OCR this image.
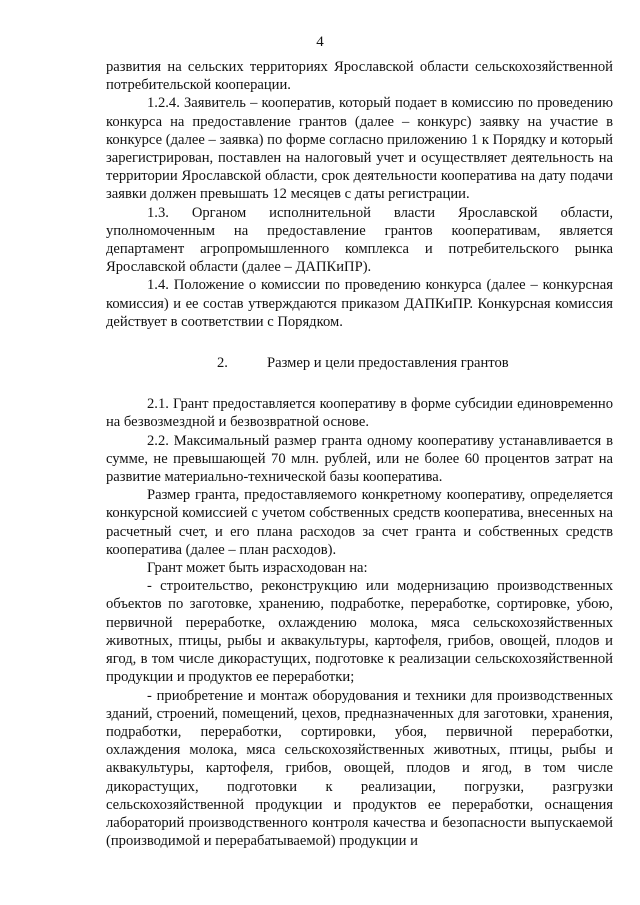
4

развития на сельских территориях Ярославской области сельскохозяйственной потребительской кооперации.

1.2.4. Заявитель – кооператив, который подает в комиссию по проведению конкурса на предоставление грантов (далее – конкурс) заявку на участие в конкурсе (далее – заявка) по форме согласно приложению 1 к Порядку и который зарегистрирован, поставлен на налоговый учет и осуществляет деятельность на территории Ярославской области, срок деятельности кооператива на дату подачи заявки должен превышать 12 месяцев с даты регистрации.

1.3. Органом исполнительной власти Ярославской области, уполномоченным на предоставление грантов кооперативам, является департамент агропромышленного комплекса и потребительского рынка Ярославской области (далее – ДАПКиПР).

1.4. Положение о комиссии по проведению конкурса (далее – конкурсная комиссия) и ее состав утверждаются приказом ДАПКиПР. Конкурсная комиссия действует в соответствии с Порядком.

2.	Размер и цели предоставления грантов

2.1. Грант предоставляется кооперативу в форме субсидии единовременно на безвозмездной и безвозвратной основе.

2.2. Максимальный размер гранта одному кооперативу устанавливается в сумме, не превышающей 70 млн. рублей, или не более 60 процентов затрат на развитие материально-технической базы кооператива.

Размер гранта, предоставляемого конкретному кооперативу, определяется конкурсной комиссией с учетом собственных средств кооператива, внесенных на расчетный счет, и его плана расходов за счет гранта и собственных средств кооператива (далее – план расходов).

Грант может быть израсходован на:

- строительство, реконструкцию или модернизацию производственных объектов по заготовке, хранению, подработке, переработке, сортировке, убою, первичной переработке, охлаждению молока, мяса сельскохозяйственных животных, птицы, рыбы и аквакультуры, картофеля, грибов, овощей, плодов и ягод, в том числе дикорастущих, подготовке к реализации сельскохозяйственной продукции и продуктов ее переработки;

- приобретение и монтаж оборудования и техники для производственных зданий, строений, помещений, цехов, предназначенных для заготовки, хранения, подработки, переработки, сортировки, убоя, первичной переработки, охлаждения молока, мяса сельскохозяйственных животных, птицы, рыбы и аквакультуры, картофеля, грибов, овощей, плодов и ягод, в том числе дикорастущих, подготовки к реализации, погрузки, разгрузки сельскохозяйственной продукции и продуктов ее переработки, оснащения лабораторий производственного контроля качества и безопасности выпускаемой (производимой и перерабатываемой) продукции и
